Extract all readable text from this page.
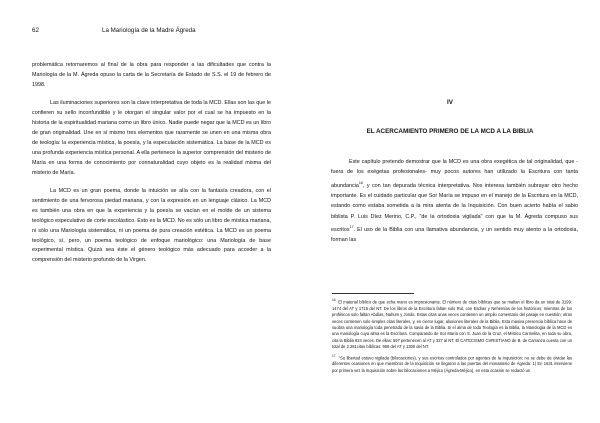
62	La Mariología de la Madre Ágreda

problemática retornaremos al final de la obra para responder a las dificultades que contra la Mariología de la M. Ágreda opuso la carta de la Secretaría de Estado de S.S. el 19 de febrero de 1998.

Las iluminaciones superiores son la clave interpretativa de toda la MCD. Ellas son las que le confieren su sello inconfundible y le otorgan el singular valor por el cual se ha impuesto en la historia de la espiritualidad mariana como un libro único. Nadie puede negar que la MCD es un libro de gran originalidad. Une en sí mismo tres elementos que raramente se unen en una misma obra de teología: la experiencia mística, la poesía, y la especulación sistemática. La base de la MCD es una profunda experiencia mística personal. A ella pertenece la superior comprensión del misterio de María en una forma de conocimiento por connaturalidad cuyo objeto es la realidad misma del misterio de María.

La MCD es un gran poema, donde la intuición se alía con la fantasía creadora, con el sentimiento de una fervorosa piedad mariana, y con la expresión en un lenguaje clásico. La MCD es también una obra en que la experiencia y la poesía se vacían en el molde de un sistema teológico especulativo de corte escolástico. Esto es la MCD. No es sólo un libro de mística mariana, ni sólo una Mariología sistemática, ni un poema de pura creación estética. La MCD es un poema teológico, sí, pero, un poema teológico de enfoque mariológico: una Mariología de base experimental mística. Quizá sea éste el género teológico más adecuado para acceder a la comprensión del misterio profundo de la Virgen.

IV
EL ACERCAMIENTO PRIMERO DE LA MCD A LA BIBLIA

Este capítulo pretendo demostrar que la MCD es una obra exegética de tal originalidad, que -fuera de los exégetas profesionales- muy pocos autores han utilizado la Escritura con tanta abundancia$^{16}$, y con tan depurada técnica interpretativa. Nos interesa también subrayar otro hecho importante. Es el cuidado particular que Sor María se impuso en el manejo de la Escritura en la MCD, estando como estaba sometida a la mira atenta de la Inquisición. Con buen acierto había el sabio biblista P. Luis Díez Merino, C.P., "de la ortodoxia vigilada" con que la M. Ágreda compuso sus escritos$^{17}$. El uso de la Biblia con una llamativa abundancia, y un sentido muy atento a la ortodoxia, forman las

$^{16}$ El material bíblico de que echa mano es impresionante. El número de citas bíblicas que se maltan el libro da un total de 3199: 1474 del AT y 1715 del NT. De los libros de la Escritura faltan solo Rut, con Esdras y Nehemías de los históricos; mientras de los proféticos solo faltan Abdías, Nahum y Jonás. Estas citas unas veces contienen un amplio comentario del pasaje en cuestión; otras veces contienen solo simples citas literales, y, en cierce lugar, alusiones literales de la Biblia. Esta masiva presencia bíblica hace de suobra una mariología toda penetrada de la savia de la Biblia. Si el alma de toda Teología es la Biblia, la Mariología de la MCD es una mariología cuya alma es la Escritura. Comparando de Sor María con S. Juan de la Cruz, el Místico Carmelita, en toda su obra, cita la Biblia 924 veces. De ellas: 597 pertenecen al AT y 327 al NT. El CATECISMO CHRISTIANO de B. de Carranza cuenta con un total de 2.281citas bíblicas: 968 del AT y 1300 del NT.

$^{17}$ "Su libertad estuvo vigilada (bilocaciones), y sus escritos controlados por agentes de la Inquisición; no se debe de olvidar las diferentes ocasiones en que miembros de la Inquisición se llegaron a las puertas del monasterio de Ágreda: 1) En 1631 interviene por primera vez la Inquisición sobre las bilocaciones a Méjico (Ágreda-Méjico), en esta ocasión se redactó un
